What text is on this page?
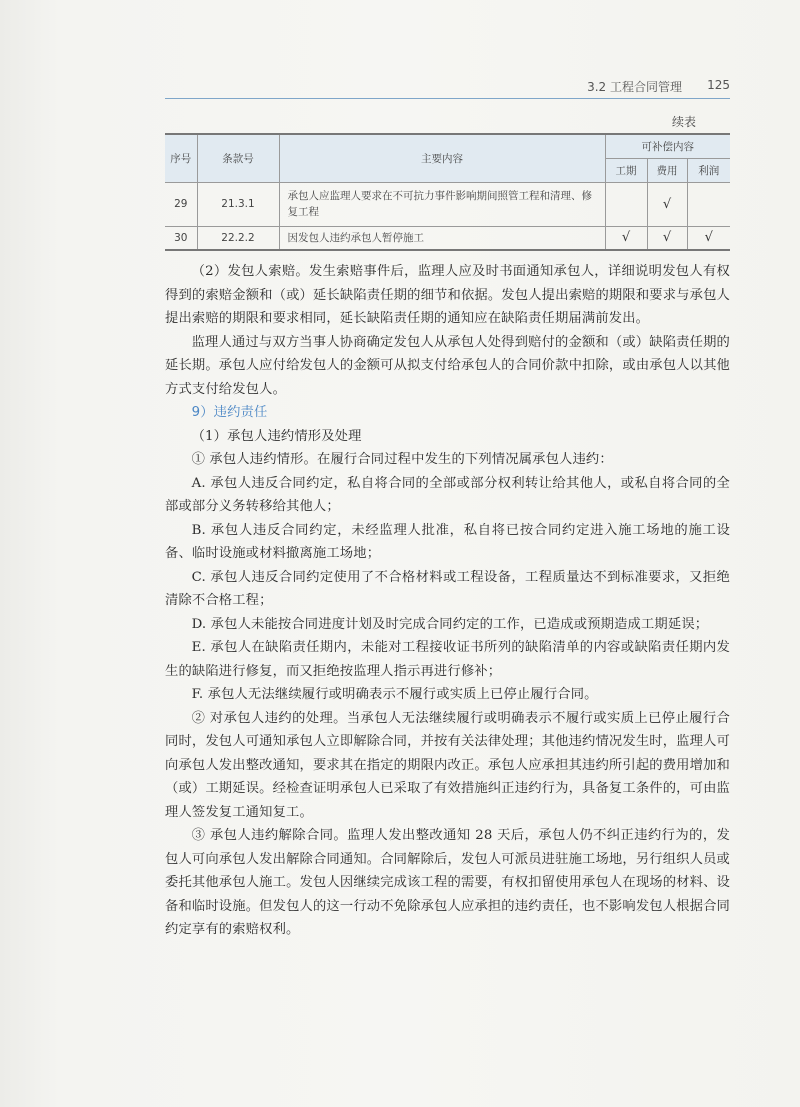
3.2 工程合同管理 125
续表
序号	条款号	主要内容	可补偿内容		
			工期	费用	利润
29	21.3.1	承包人应监理人要求在不可抗力事件影响期间照管工程和清理、修复工程		√	
30	22.2.2	因发包人违约承包人暂停施工	√	√	√

（2）发包人索赔。发生索赔事件后，监理人应及时书面通知承包人，详细说明发包人有权得到的索赔金额和（或）延长缺陷责任期的细节和依据。发包人提出索赔的期限和要求与承包人提出索赔的期限和要求相同，延长缺陷责任期的通知应在缺陷责任期届满前发出。

监理人通过与双方当事人协商确定发包人从承包人处得到赔付的金额和（或）缺陷责任期的延长期。承包人应付给发包人的金额可从拟支付给承包人的合同价款中扣除，或由承包人以其他方式支付给发包人。

9）违约责任

（1）承包人违约情形及处理

① 承包人违约情形。在履行合同过程中发生的下列情况属承包人违约：

A. 承包人违反合同约定，私自将合同的全部或部分权利转让给其他人，或私自将合同的全部或部分义务转移给其他人；

B. 承包人违反合同约定，未经监理人批准，私自将已按合同约定进入施工场地的施工设备、临时设施或材料撤离施工场地；

C. 承包人违反合同约定使用了不合格材料或工程设备，工程质量达不到标准要求，又拒绝清除不合格工程；

D. 承包人未能按合同进度计划及时完成合同约定的工作，已造成或预期造成工期延误；

E. 承包人在缺陷责任期内，未能对工程接收证书所列的缺陷清单的内容或缺陷责任期内发生的缺陷进行修复，而又拒绝按监理人指示再进行修补；

F. 承包人无法继续履行或明确表示不履行或实质上已停止履行合同。

② 对承包人违约的处理。当承包人无法继续履行或明确表示不履行或实质上已停止履行合同时，发包人可通知承包人立即解除合同，并按有关法律处理；其他违约情况发生时，监理人可向承包人发出整改通知，要求其在指定的期限内改正。承包人应承担其违约所引起的费用增加和（或）工期延误。经检查证明承包人已采取了有效措施纠正违约行为，具备复工条件的，可由监理人签发复工通知复工。

③ 承包人违约解除合同。监理人发出整改通知 28 天后，承包人仍不纠正违约行为的，发包人可向承包人发出解除合同通知。合同解除后，发包人可派员进驻施工场地，另行组织人员或委托其他承包人施工。发包人因继续完成该工程的需要，有权扣留使用承包人在现场的材料、设备和临时设施。但发包人的这一行动不免除承包人应承担的违约责任，也不影响发包人根据合同约定享有的索赔权利。
